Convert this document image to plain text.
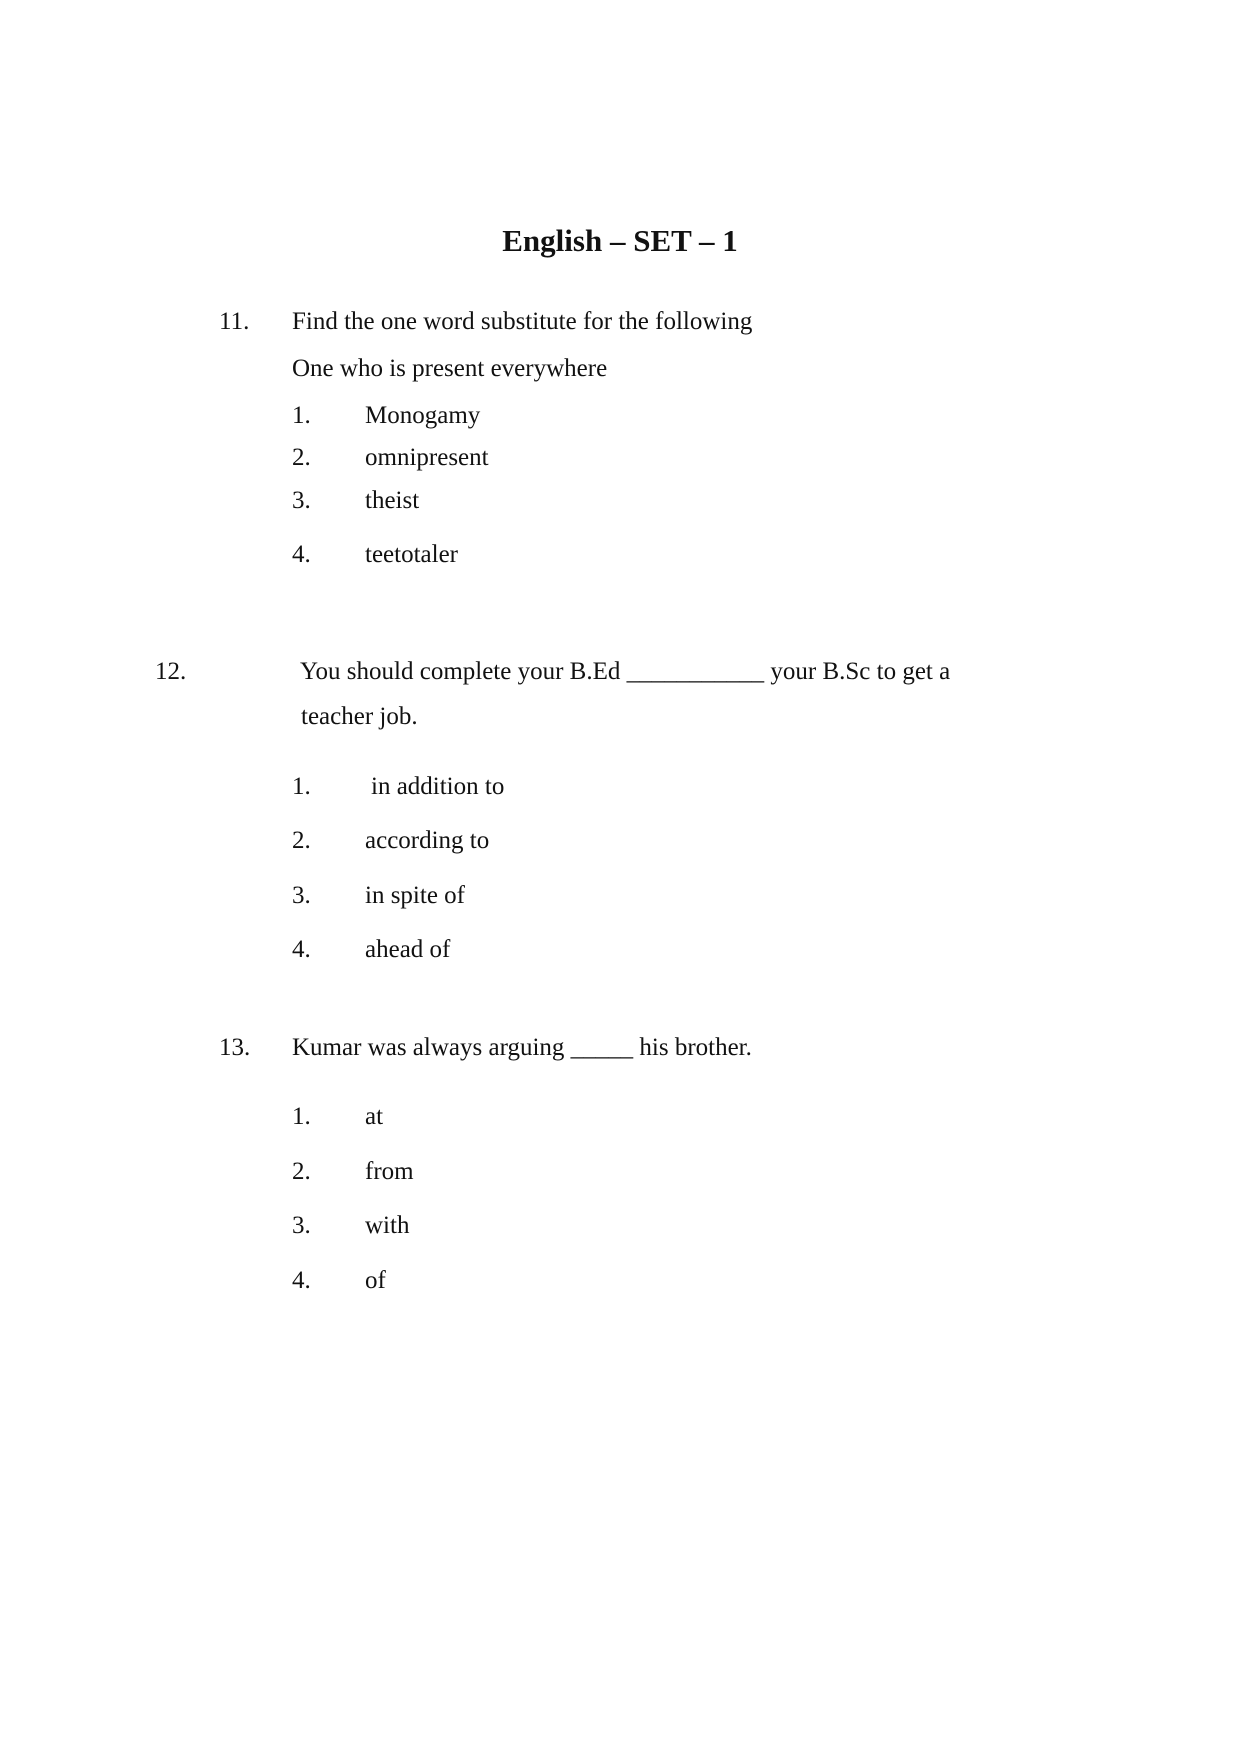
English – SET – 1
11. Find the one word substitute for the following
One who is present everywhere
1. Monogamy
2. omnipresent
3. theist
4. teetotaler
12.	You should complete your B.Ed ___________ your B.Sc to get a
teacher job.
1. in addition to
2. according to
3. in spite of
4. ahead of
13. Kumar was always arguing _____ his brother.
1. at
2. from
3. with
4. of
